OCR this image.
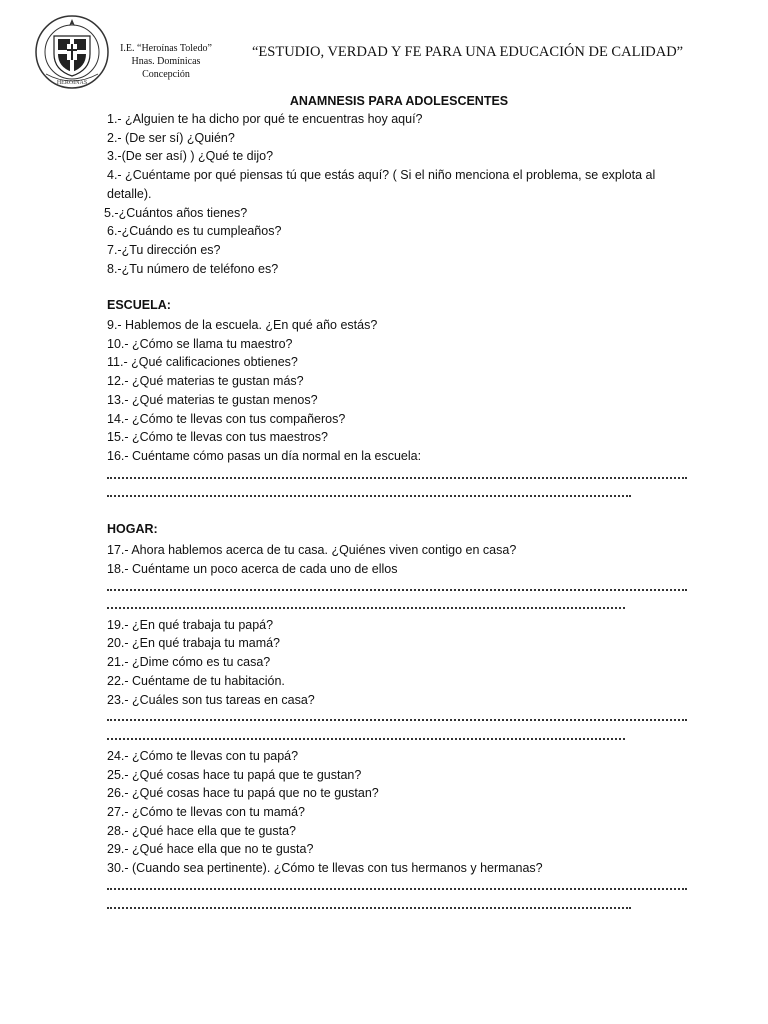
HEROÍNAS
I.E. “Heroínas Toledo”
Hnas. Domínicas
Concepción
“ESTUDIO, VERDAD Y FE PARA UNA EDUCACIÓN DE CALIDAD”
ANAMNESIS PARA ADOLESCENTES
1.- ¿Alguien te ha dicho por qué te encuentras hoy aquí?
2.- (De ser sí) ¿Quién?
3.-(De ser así) ) ¿Qué te dijo?
4.- ¿Cuéntame por qué piensas tú que estás aquí? ( Si el niño menciona el problema, se explota al detalle).
5.-¿Cuántos años tienes?
6.-¿Cuándo es tu cumpleaños?
7.-¿Tu dirección es?
8.-¿Tu número de teléfono es?
ESCUELA:
9.- Hablemos de la escuela. ¿En qué año estás?
10.- ¿Cómo se llama tu maestro?
11.- ¿Qué calificaciones obtienes?
12.- ¿Qué materias te gustan más?
13.- ¿Qué materias te gustan menos?
14.- ¿Cómo te llevas con tus compañeros?
15.- ¿Cómo te llevas con tus maestros?
16.- Cuéntame cómo pasas un día normal en la escuela:
HOGAR:
17.- Ahora hablemos acerca de tu casa. ¿Quiénes viven contigo en casa?
18.- Cuéntame un poco acerca de cada uno de ellos
19.- ¿En qué trabaja tu papá?
20.- ¿En qué trabaja tu mamá?
21.- ¿Dime cómo es tu casa?
22.- Cuéntame de tu habitación.
23.- ¿Cuáles son tus tareas en casa?
24.- ¿Cómo te llevas con tu papá?
25.- ¿Qué cosas hace tu papá que te gustan?
26.- ¿Qué cosas hace tu papá que no te gustan?
27.- ¿Cómo te llevas con tu mamá?
28.- ¿Qué hace ella que te gusta?
29.- ¿Qué hace ella que no te gusta?
30.- (Cuando sea pertinente). ¿Cómo te llevas con tus hermanos y hermanas?
